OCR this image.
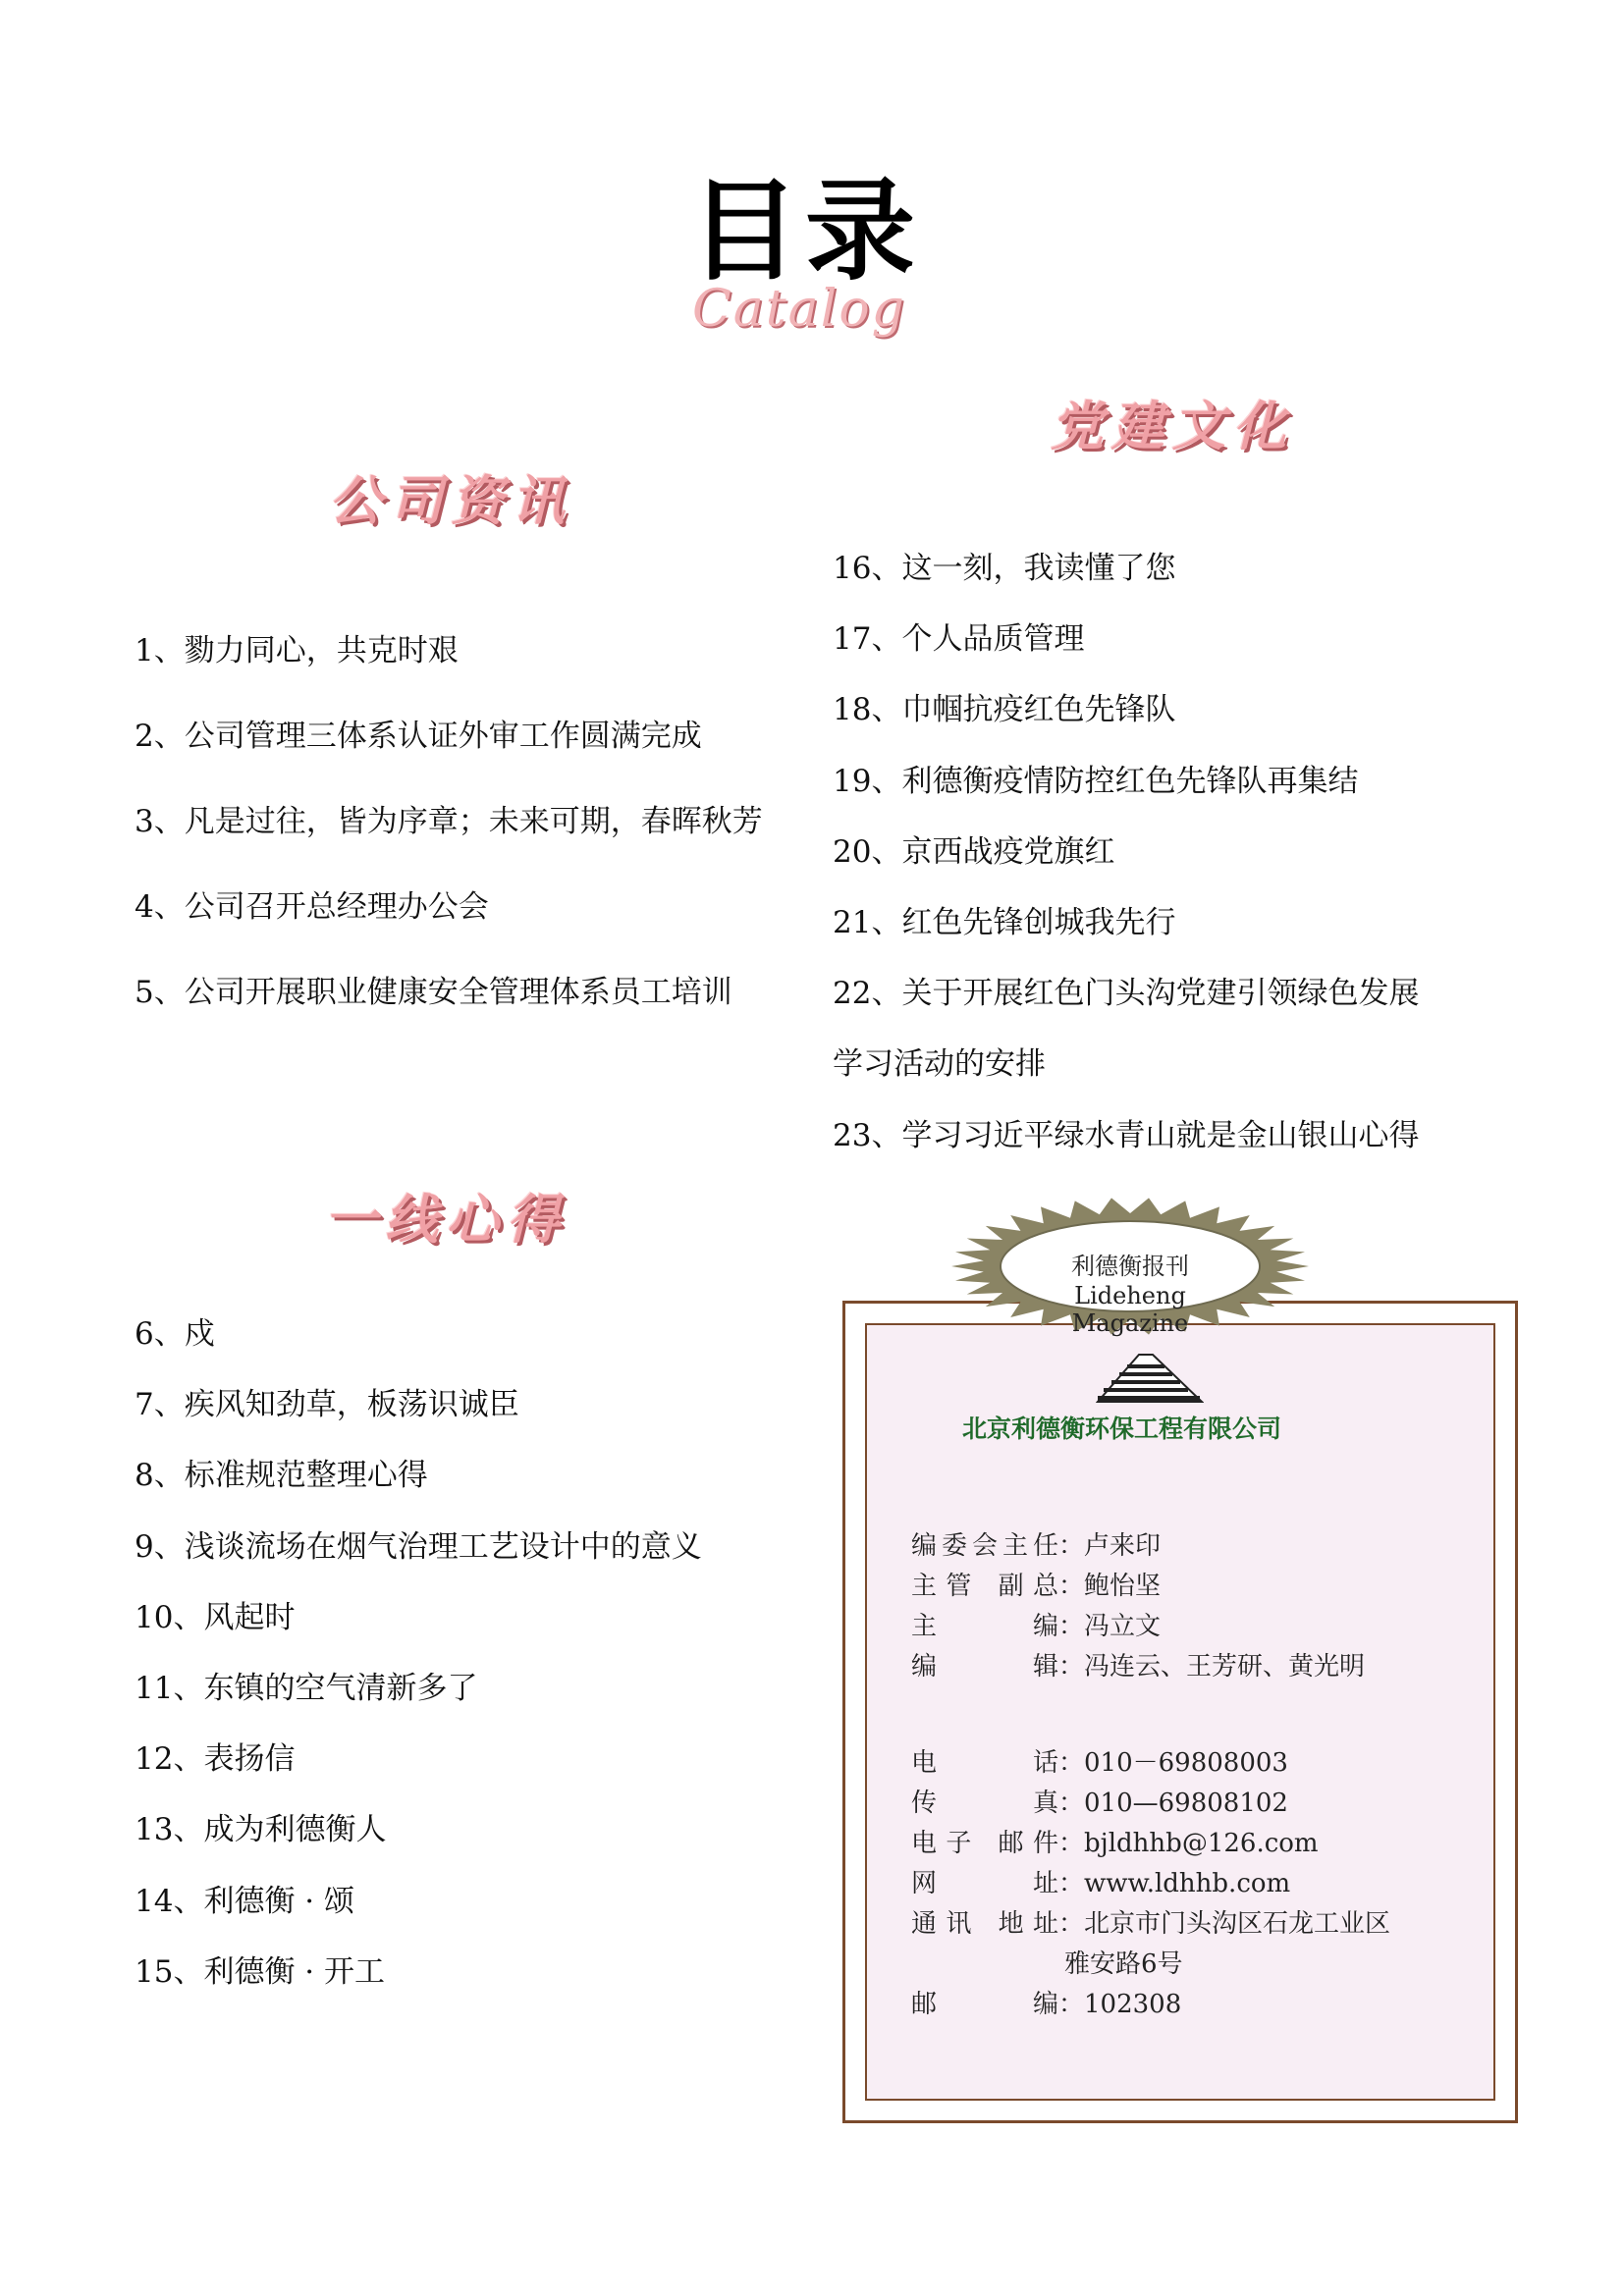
目录
Catalog
公司资讯
一线心得
党建文化
1、勠力同心，共克时艰
2、公司管理三体系认证外审工作圆满完成
3、凡是过往，皆为序章；未来可期，春晖秋芳
4、公司召开总经理办公会
5、公司开展职业健康安全管理体系员工培训
6、戍
7、疾风知劲草，板荡识诚臣
8、标准规范整理心得
9、浅谈流场在烟气治理工艺设计中的意义
10、风起时
11、东镇的空气清新多了
12、表扬信
13、成为利德衡人
14、利德衡 · 颂
15、利德衡 · 开工
16、这一刻，我读懂了您
17、个人品质管理
18、巾帼抗疫红色先锋队
19、利德衡疫情防控红色先锋队再集结
20、京西战疫党旗红
21、红色先锋创城我先行
22、关于开展红色门头沟党建引领绿色发展
学习活动的安排
23、学习习近平绿水青山就是金山银山心得
利德衡报刊
Lideheng Magazine
北京利德衡环保工程有限公司
编委会主任：卢来印
主管 副总：鲍怡坚
主 编：冯立文
编 辑：冯连云、王芳研、黄光明
电 话：010－69808003
传 真：010—69808102
电子 邮件：bjldhhb@126.com
网 址：www.ldhhb.com
通讯 地址：北京市门头沟区石龙工业区
雅安路6号
邮 编：102308
